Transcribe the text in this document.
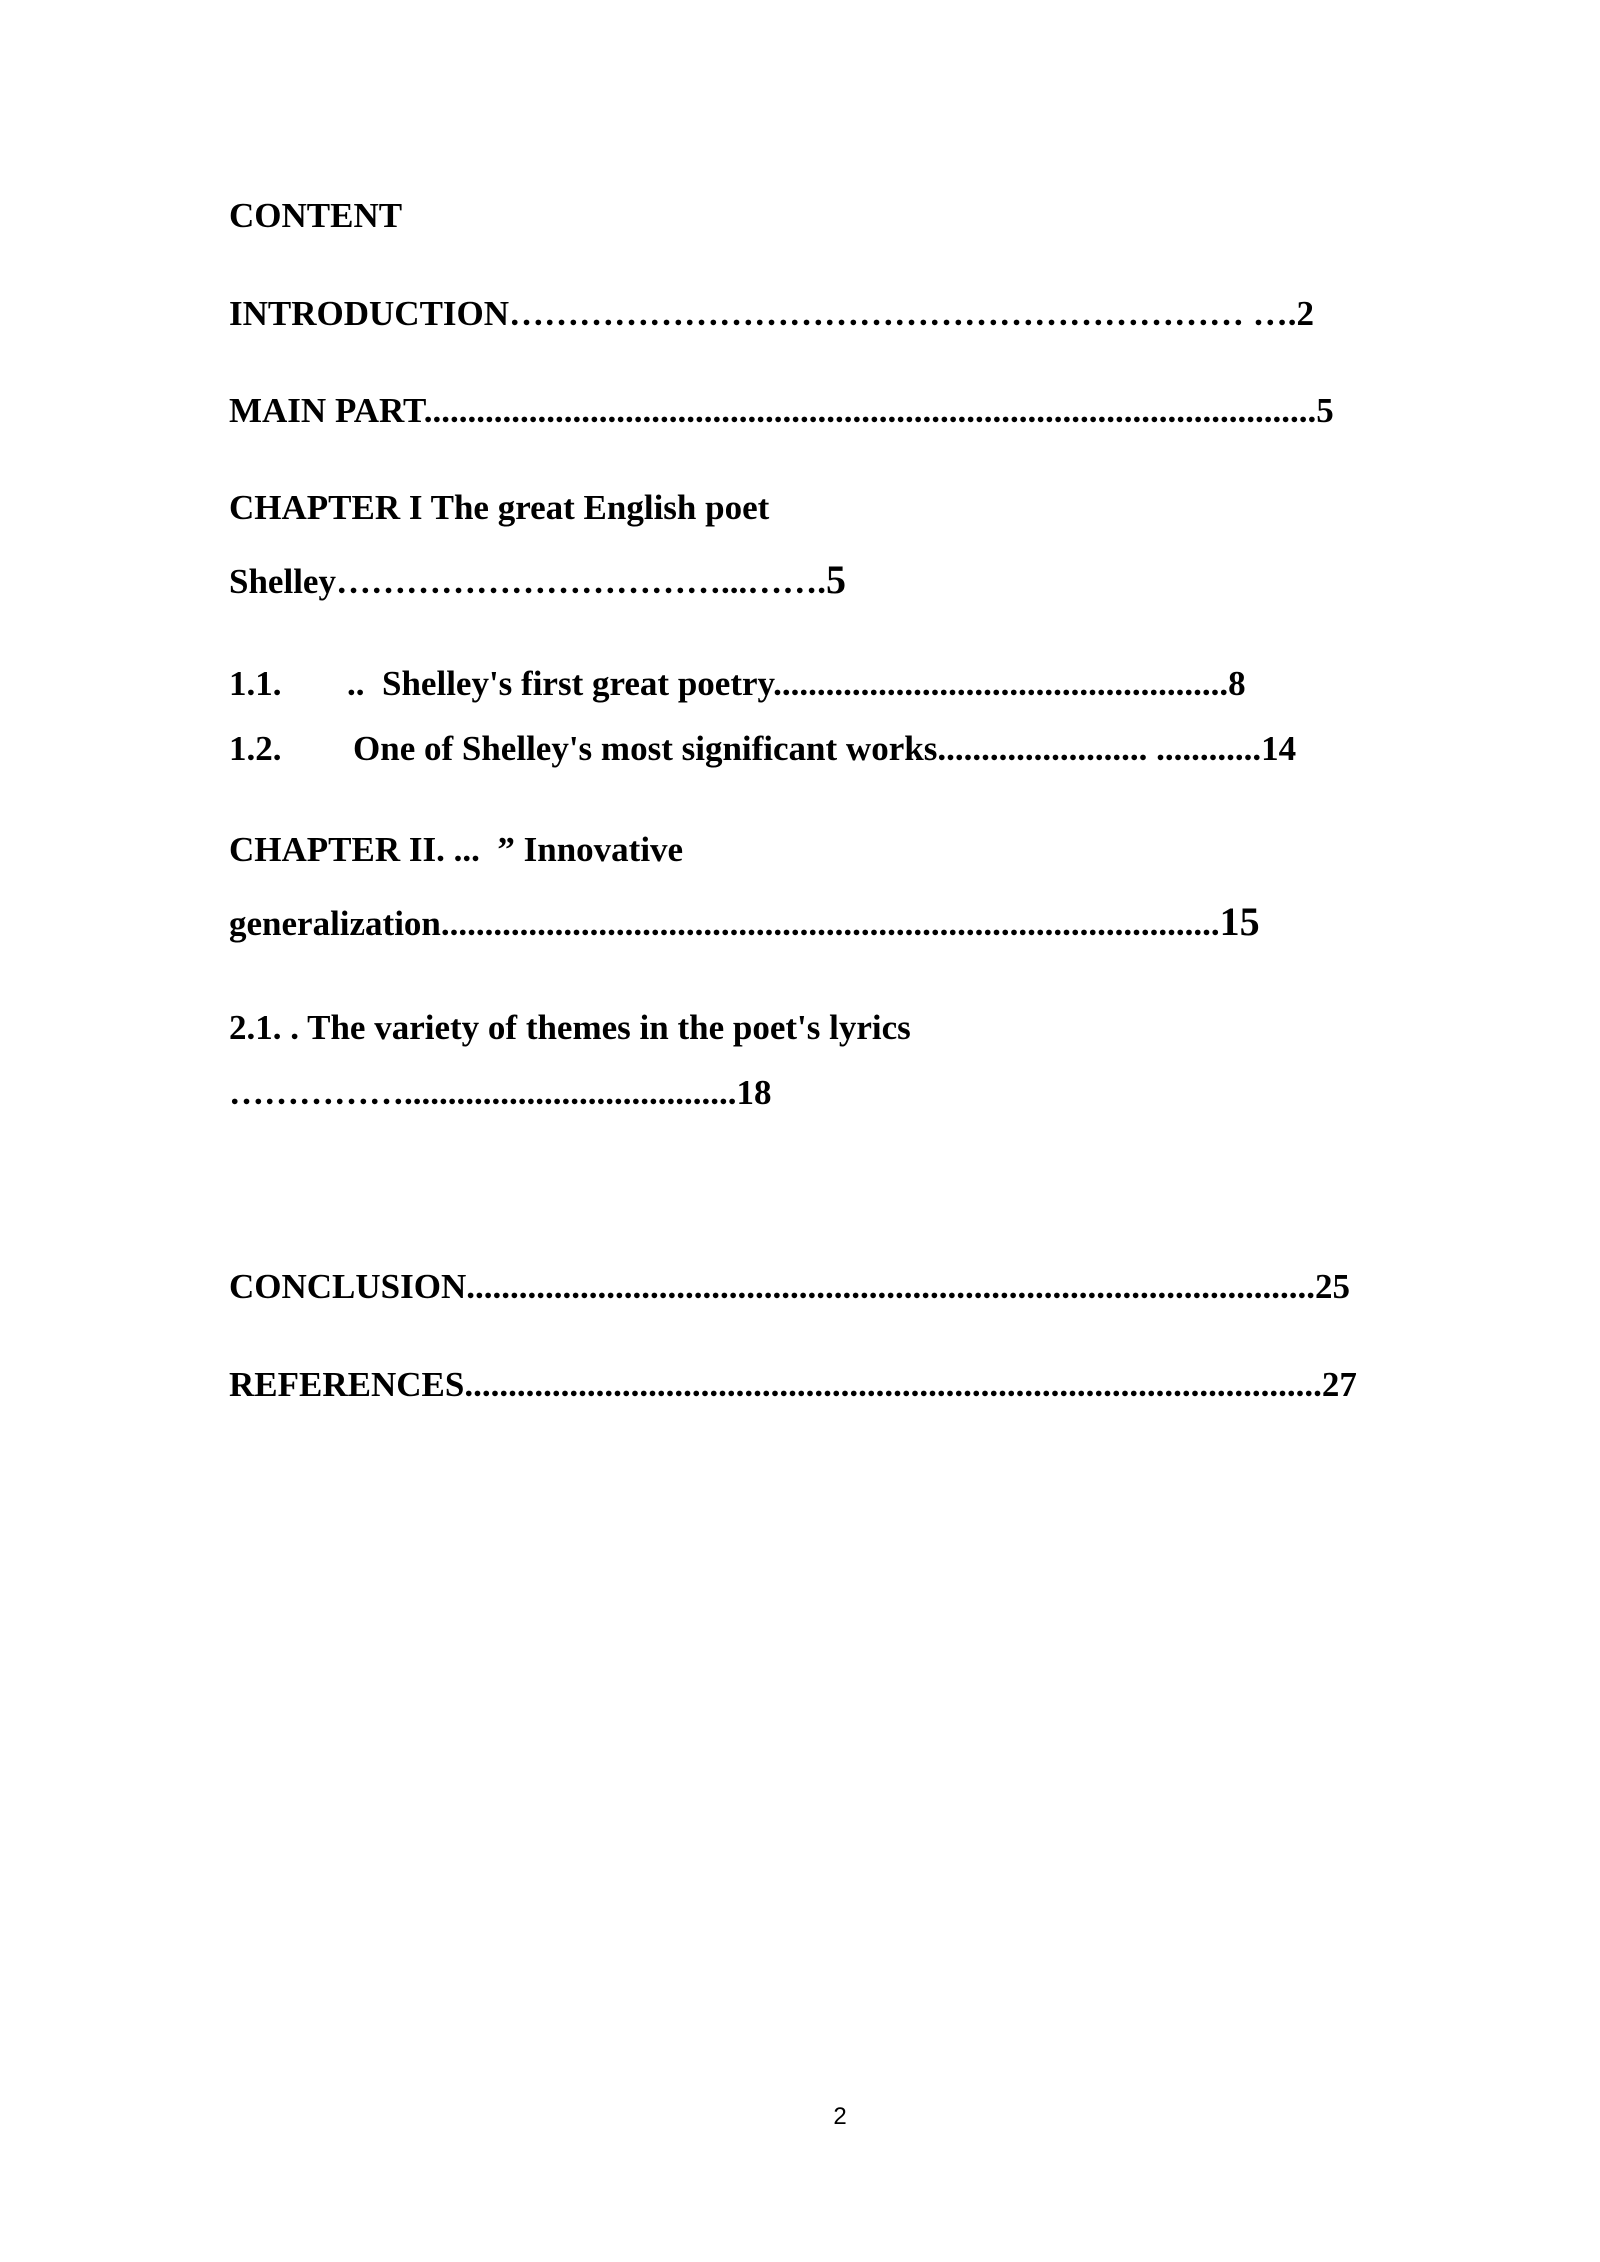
CONTENT
INTRODUCTION……………………………………………………… ….2
MAIN PART......................................................................................................5
CHAPTER I The great English poet
Shelley……………………………...…….5
1.1. ..  Shelley's first great poetry....................................................8
1.2. One of Shelley's most significant works........................ ............14
CHAPTER II. ...  ” Innovative
generalization.........................................................................................15
2.1. . The variety of themes in the poet's lyrics
……………......................................18
CONCLUSION.................................................................................................25
REFERENCES..................................................................................................27
2
